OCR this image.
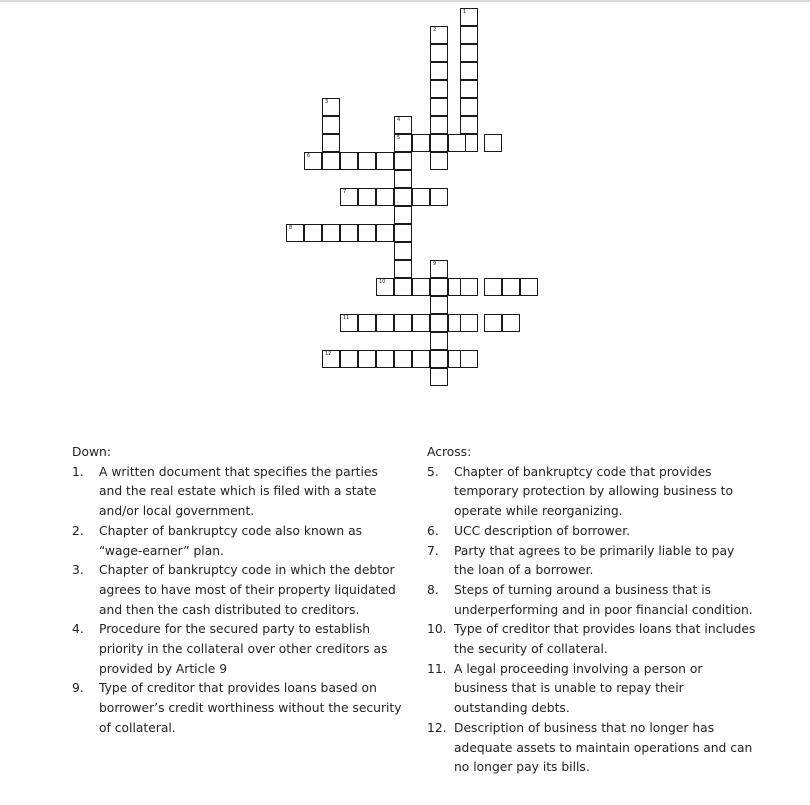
1
2
3
4
5
6
7
8
9
10
11
12
Down:
1.	A written document that specifies the parties and the real estate which is filed with a state and/or local government.
2.	Chapter of bankruptcy code also known as “wage-earner” plan.
3.	Chapter of bankruptcy code in which the debtor agrees to have most of their property liquidated and then the cash distributed to creditors.
4.	Procedure for the secured party to establish priority in the collateral over other creditors as provided by Article 9
9.	Type of creditor that provides loans based on borrower’s credit worthiness without the security of collateral.
Across:
5.	Chapter of bankruptcy code that provides temporary protection by allowing business to operate while reorganizing.
6.	UCC description of borrower.
7.	Party that agrees to be primarily liable to pay the loan of a borrower.
8.	Steps of turning around a business that is underperforming and in poor financial condition.
10. Type of creditor that provides loans that includes the security of collateral.
11. A legal proceeding involving a person or business that is unable to repay their outstanding debts.
12. Description of business that no longer has adequate assets to maintain operations and can no longer pay its bills.
